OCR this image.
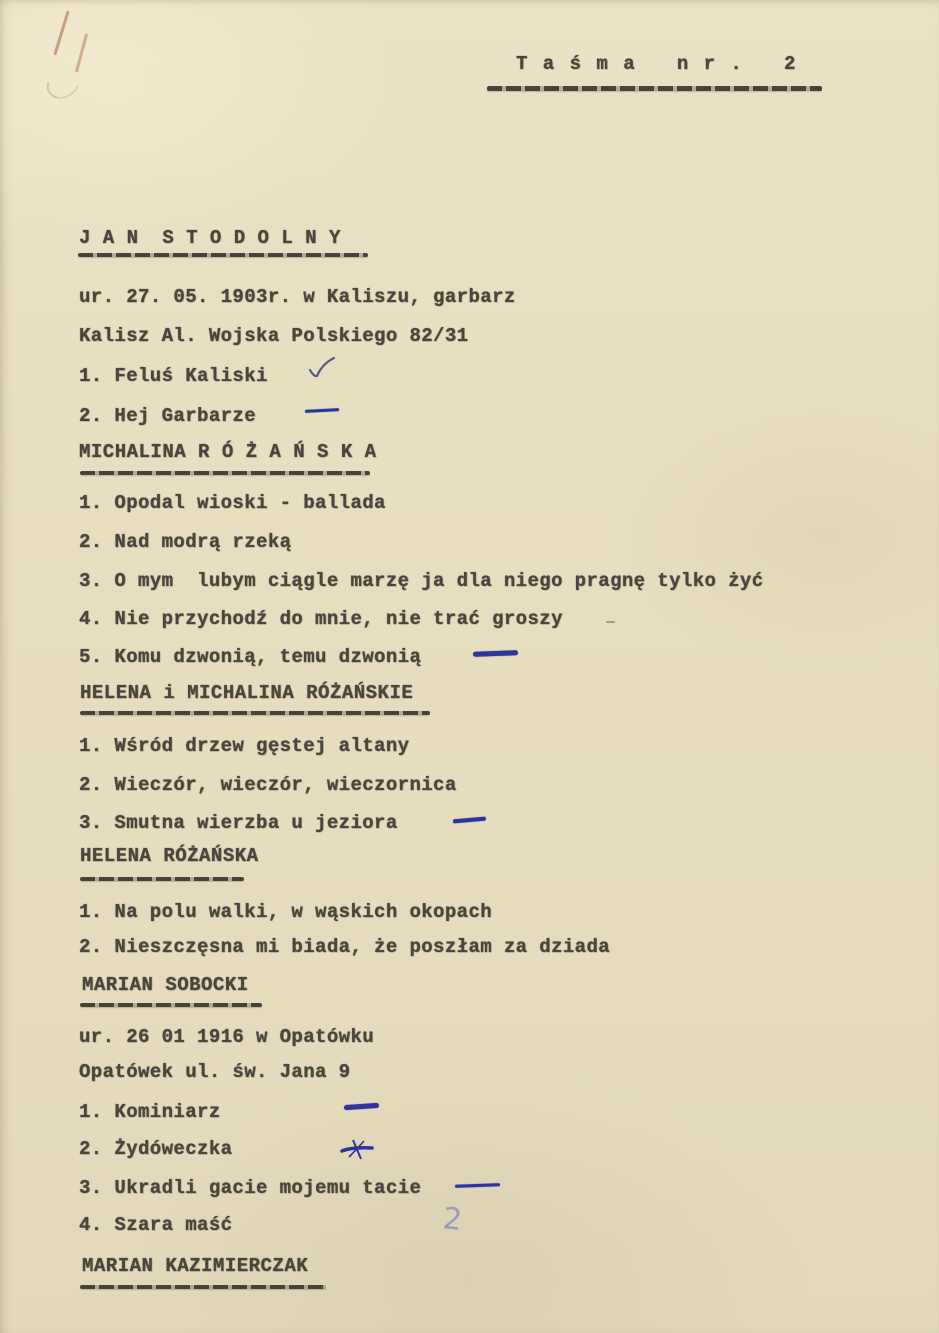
T a ś m a   n r .   2
J A N  S T O D O L N Y
ur. 27. 05. 1903r. w Kaliszu, garbarz
Kalisz Al. Wojska Polskiego 82/31
1. Feluś Kaliski
2. Hej Garbarze
MICHALINA R Ó Ż A Ń S K A
1. Opodal wioski - ballada
2. Nad modrą rzeką
3. O mym  lubym ciągle marzę ja dla niego pragnę tylko żyć
4. Nie przychodź do mnie, nie trać groszy
5. Komu dzwonią, temu dzwonią
HELENA i MICHALINA RÓŻAŃSKIE
1. Wśród drzew gęstej altany
2. Wieczór, wieczór, wieczornica
3. Smutna wierzba u jeziora
HELENA RÓŻAŃSKA
1. Na polu walki, w wąskich okopach
2. Nieszczęsna mi biada, że poszłam za dziada
MARIAN SOBOCKI
ur. 26 01 1916 w Opatówku
Opatówek ul. św. Jana 9
1. Kominiarz
2. Żydóweczka
3. Ukradli gacie mojemu tacie
4. Szara maść	2
MARIAN KAZIMIERCZAK
